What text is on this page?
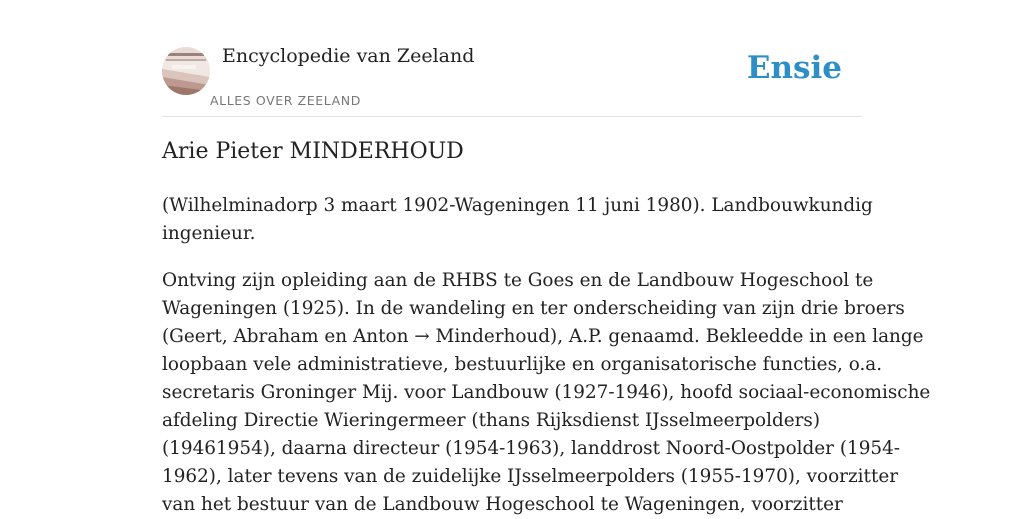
Encyclopedie van Zeeland
ALLES OVER ZEELAND
Ensie
Arie Pieter MINDERHOUD

(Wilhelminadorp 3 maart 1902-Wageningen 11 juni 1980). Landbouwkundig
ingenieur.

Ontving zijn opleiding aan de RHBS te Goes en de Landbouw Hogeschool te
Wageningen (1925). In de wandeling en ter onderscheiding van zijn drie broers
(Geert, Abraham en Anton → Minderhoud), A.P. genaamd. Bekleedde in een lange
loopbaan vele administratieve, bestuurlijke en organisatorische functies, o.a.
secretaris Groninger Mij. voor Landbouw (1927-1946), hoofd sociaal-economische
afdeling Directie Wieringermeer (thans Rijksdienst IJsselmeerpolders)
(19461954), daarna directeur (1954-1963), landdrost Noord-Oostpolder (1954-
1962), later tevens van de zuidelijke IJsselmeerpolders (1955-1970), voorzitter
van het bestuur van de Landbouw Hogeschool te Wageningen, voorzitter
